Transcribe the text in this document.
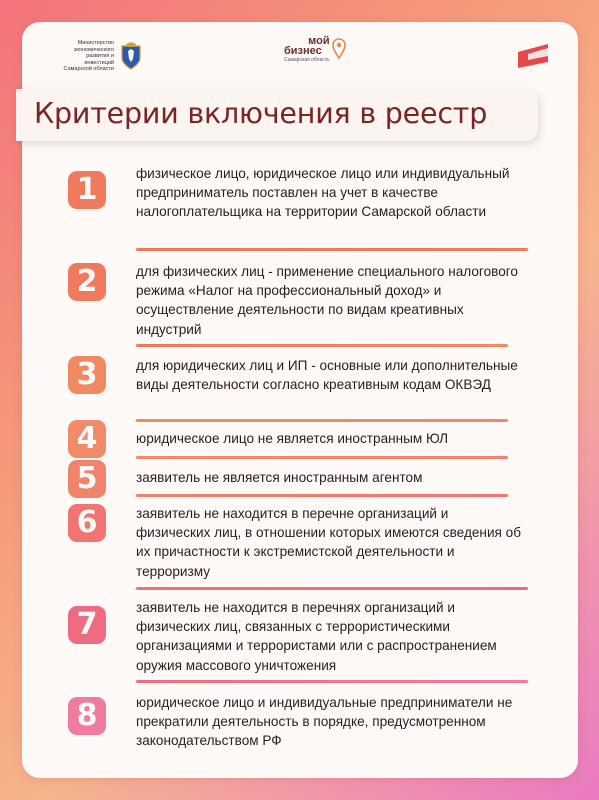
Министерство
экономического
развития и инвестиций
Самарской области
мой
бизнес
Самарская область
Критерии включения в реестр
1	физическое лицо, юридическое лицо или индивидуальный предприниматель поставлен на учет в качестве налогоплательщика на территории Самарской области

2	для физических лиц - применение специального налогового режима «Налог на профессиональный доход» и осуществление деятельности по видам креативных индустрий

3	для юридических лиц и ИП - основные или дополнительные виды деятельности согласно креативным кодам ОКВЭД

4	юридическое лицо не является иностранным ЮЛ

5	заявитель не является иностранным агентом

6	заявитель не находится в перечне организаций и физических лиц, в отношении которых имеются сведения об их причастности к экстремистской деятельности и терроризму

7	заявитель не находится в перечнях организаций и физических лиц, связанных с террористическими организациями и террористами или с распространением оружия массового уничтожения

8	юридическое лицо и индивидуальные предприниматели не прекратили деятельность в порядке, предусмотренном законодательством РФ
